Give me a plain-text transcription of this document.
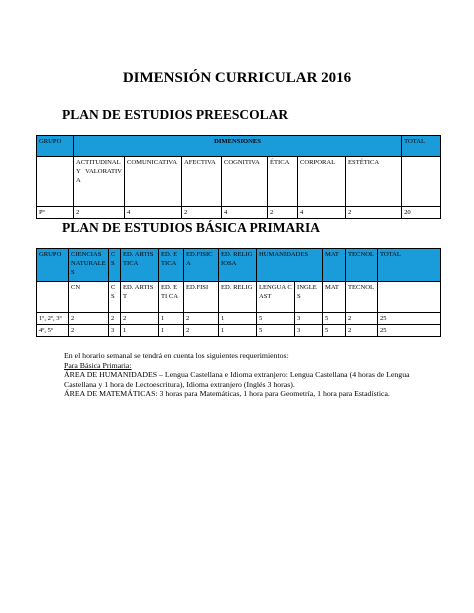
DIMENSIÓN CURRICULAR 2016
PLAN DE ESTUDIOS PREESCOLAR
GRUPO	DIMENSIONES							TOTAL
	ACTITUDINAL Y VALORATIVA	COMUNICATIVA	AFECTIVA	COGNITIVA	ÉTICA	CORPORAL	ESTÉTICA	
Pº	2	4	2	4	2	4	2	20
PLAN DE ESTUDIOS BÁSICA PRIMARIA
GRUPO	CIENCIAS NATURALES	CS	ED. ARTISTICA	ED. ETICA	ED.FISICA	ED. RELIGIOSA	HUMANIDADES		MAT	TECNOL	TOTAL
	CN	CS	ED. ARTIST	ED. ETI CA	ED.FISI	ED. RELIG	LENGUA CAST	INGLES	MAT	TECNOL	
1º, 2º, 3º	2	2	2	1	2	1	5	3	5	2	25
4º, 5º	2	3	1	1	2	1	5	3	5	2	25
En el horario semanal se tendrá en cuenta los siguientes requerimientos:
Para Básica Primaria:
ÁREA DE HUMANIDADES – Lengua Castellana e Idioma extranjero: Lengua Castellana (4 horas de Lengua Castellana y 1 hora de Lectoescritura), Idioma extranjero (Inglés 3 horas).
ÁREA DE MATEMÁTICAS: 3 horas para Matemáticas, 1 hora para Geometría, 1 hora para Estadística.
